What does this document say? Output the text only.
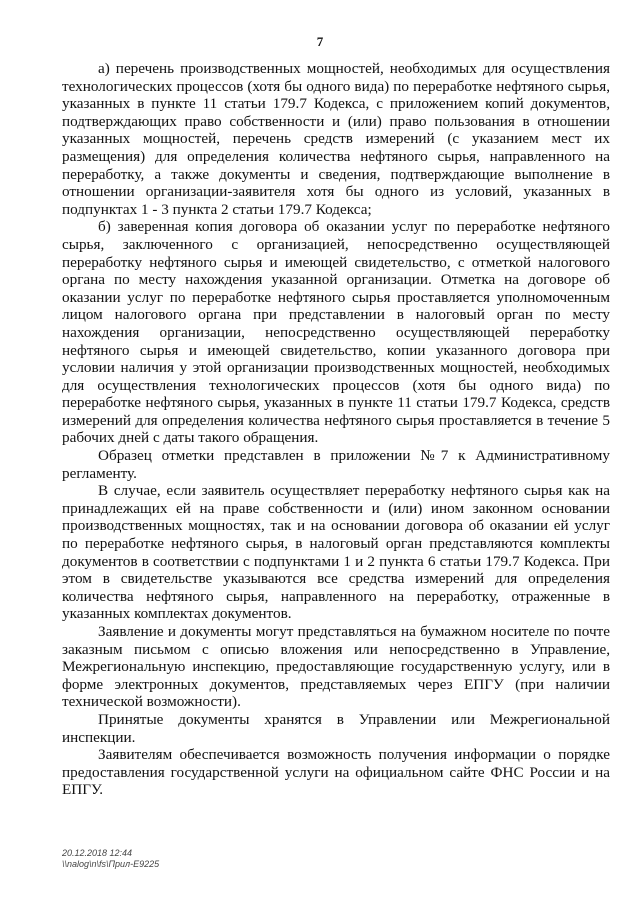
7

а) перечень производственных мощностей, необходимых для осуществления технологических процессов (хотя бы одного вида) по переработке нефтяного сырья, указанных в пункте 11 статьи 179.7 Кодекса, с приложением копий документов, подтверждающих право собственности и (или) право пользования в отношении указанных мощностей, перечень средств измерений (с указанием мест их размещения) для определения количества нефтяного сырья, направленного на переработку, а также документы и сведения, подтверждающие выполнение в отношении организации-заявителя хотя бы одного из условий, указанных в подпунктах 1 - 3 пункта 2 статьи 179.7 Кодекса;

б) заверенная копия договора об оказании услуг по переработке нефтяного сырья, заключенного с организацией, непосредственно осуществляющей переработку нефтяного сырья и имеющей свидетельство, с отметкой налогового органа по месту нахождения указанной организации. Отметка на договоре об оказании услуг по переработке нефтяного сырья проставляется уполномоченным лицом налогового органа при представлении в налоговый орган по месту нахождения организации, непосредственно осуществляющей переработку нефтяного сырья и имеющей свидетельство, копии указанного договора при условии наличия у этой организации производственных мощностей, необходимых для осуществления технологических процессов (хотя бы одного вида) по переработке нефтяного сырья, указанных в пункте 11 статьи 179.7 Кодекса, средств измерений для определения количества нефтяного сырья проставляется в течение 5 рабочих дней с даты такого обращения.

Образец отметки представлен в приложении №7 к Административному регламенту.

В случае, если заявитель осуществляет переработку нефтяного сырья как на принадлежащих ей на праве собственности и (или) ином законном основании производственных мощностях, так и на основании договора об оказании ей услуг по переработке нефтяного сырья, в налоговый орган представляются комплекты документов в соответствии с подпунктами 1 и 2 пункта 6 статьи 179.7 Кодекса. При этом в свидетельстве указываются все средства измерений для определения количества нефтяного сырья, направленного на переработку, отраженные в указанных комплектах документов.

Заявление и документы могут представляться на бумажном носителе по почте заказным письмом с описью вложения или непосредственно в Управление, Межрегиональную инспекцию, предоставляющие государственную услугу, или в форме электронных документов, представляемых через ЕПГУ (при наличии технической возможности).

Принятые документы хранятся в Управлении или Межрегиональной инспекции.

Заявителям обеспечивается возможность получения информации о порядке предоставления государственной услуги на официальном сайте ФНС России и на ЕПГУ.

20.12.2018 12:44
\\nalog\n\fs\Прил-Е9225
